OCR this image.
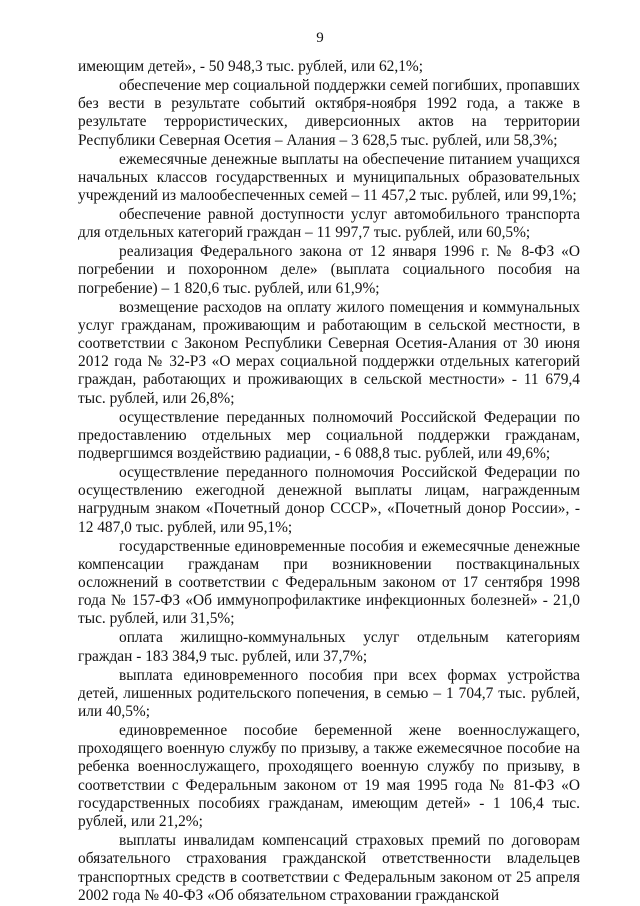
9

имеющим детей», - 50 948,3 тыс. рублей, или 62,1%;

обеспечение мер социальной поддержки семей погибших, пропавших без вести в результате событий октября-ноября 1992 года, а также в результате террористических, диверсионных актов на территории Республики Северная Осетия – Алания – 3 628,5 тыс. рублей, или 58,3%;

ежемесячные денежные выплаты на обеспечение питанием учащихся начальных классов государственных и муниципальных образовательных учреждений из малообеспеченных семей – 11 457,2 тыс. рублей, или 99,1%;

обеспечение равной доступности услуг автомобильного транспорта для отдельных категорий граждан – 11 997,7 тыс. рублей, или 60,5%;

реализация Федерального закона от 12 января 1996 г. № 8-ФЗ «О погребении и похоронном деле» (выплата социального пособия на погребение) – 1 820,6 тыс. рублей, или 61,9%;

возмещение расходов на оплату жилого помещения и коммунальных услуг гражданам, проживающим и работающим в сельской местности, в соответствии с Законом Республики Северная Осетия-Алания от 30 июня 2012 года № 32-РЗ «О мерах социальной поддержки отдельных категорий граждан, работающих и проживающих в сельской местности» - 11 679,4 тыс. рублей, или 26,8%;

осуществление переданных полномочий Российской Федерации по предоставлению отдельных мер социальной поддержки гражданам, подвергшимся воздействию радиации, - 6 088,8 тыс. рублей, или 49,6%;

осуществление переданного полномочия Российской Федерации по осуществлению ежегодной денежной выплаты лицам, награжденным нагрудным знаком «Почетный донор СССР», «Почетный донор России», - 12 487,0 тыс. рублей, или 95,1%;

государственные единовременные пособия и ежемесячные денежные компенсации гражданам при возникновении поствакцинальных осложнений в соответствии с Федеральным законом от 17 сентября 1998 года № 157-ФЗ «Об иммунопрофилактике инфекционных болезней» - 21,0 тыс. рублей, или 31,5%;

оплата жилищно-коммунальных услуг отдельным категориям граждан - 183 384,9 тыс. рублей, или 37,7%;

выплата единовременного пособия при всех формах устройства детей, лишенных родительского попечения, в семью – 1 704,7 тыс. рублей, или 40,5%;

единовременное пособие беременной жене военнослужащего, проходящего военную службу по призыву, а также ежемесячное пособие на ребенка военнослужащего, проходящего военную службу по призыву, в соответствии с Федеральным законом от 19 мая 1995 года № 81-ФЗ «О государственных пособиях гражданам, имеющим детей» - 1 106,4 тыс. рублей, или 21,2%;

выплаты инвалидам компенсаций страховых премий по договорам обязательного страхования гражданской ответственности владельцев транспортных средств в соответствии с Федеральным законом от 25 апреля 2002 года № 40-ФЗ «Об обязательном страховании гражданской
